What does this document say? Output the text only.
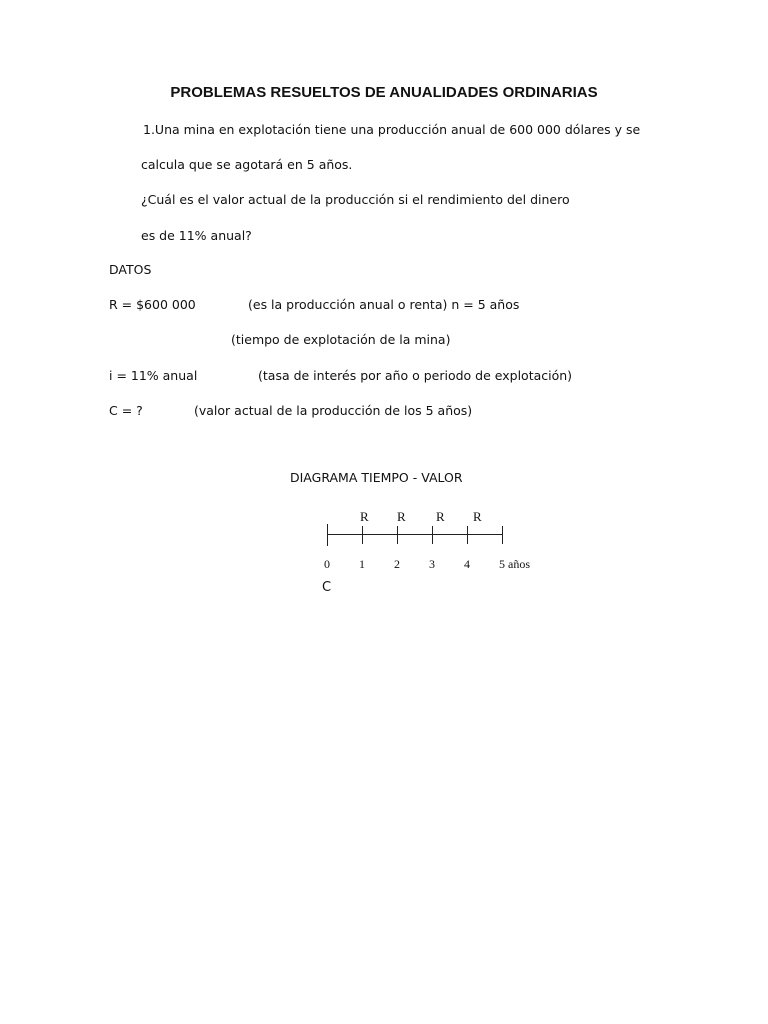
PROBLEMAS RESUELTOS DE ANUALIDADES ORDINARIAS
1.Una mina en explotación tiene una producción anual de 600 000 dólares y se
calcula que se agotará en 5 años.
¿Cuál es el valor actual de la producción si el rendimiento del dinero
es de 11% anual?
DATOS
R = $600 000	(es la producción anual o renta) n = 5 años
(tiempo de explotación de la mina)
i = 11% anual	(tasa de interés por año o periodo de explotación)
C = ?	(valor actual de la producción de los 5 años)
DIAGRAMA TIEMPO - VALOR
R R R R
0 1 2 3 4 5 años
C
